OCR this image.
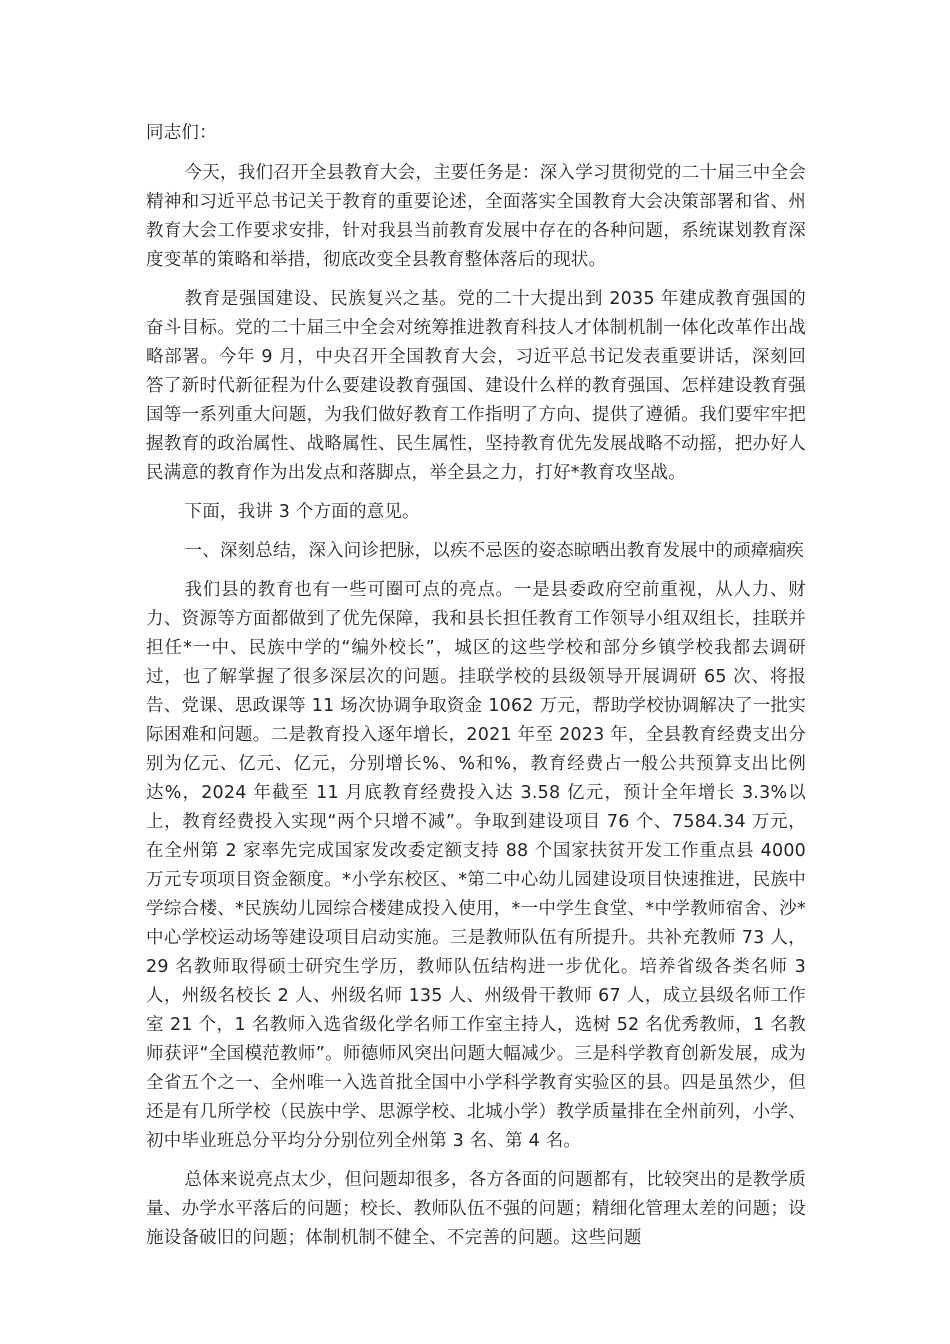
同志们：

今天，我们召开全县教育大会，主要任务是：深入学习贯彻党的二十届三中全会精神和习近平总书记关于教育的重要论述，全面落实全国教育大会决策部署和省、州教育大会工作要求安排，针对我县当前教育发展中存在的各种问题，系统谋划教育深度变革的策略和举措，彻底改变全县教育整体落后的现状。

教育是强国建设、民族复兴之基。党的二十大提出到 2035 年建成教育强国的奋斗目标。党的二十届三中全会对统筹推进教育科技人才体制机制一体化改革作出战略部署。今年 9 月，中央召开全国教育大会，习近平总书记发表重要讲话，深刻回答了新时代新征程为什么要建设教育强国、建设什么样的教育强国、怎样建设教育强国等一系列重大问题，为我们做好教育工作指明了方向、提供了遵循。我们要牢牢把握教育的政治属性、战略属性、民生属性，坚持教育优先发展战略不动摇，把办好人民满意的教育作为出发点和落脚点，举全县之力，打好*教育攻坚战。

下面，我讲 3 个方面的意见。

一、深刻总结，深入问诊把脉，以疾不忌医的姿态晾晒出教育发展中的顽瘴痼疾

我们县的教育也有一些可圈可点的亮点。一是县委政府空前重视，从人力、财力、资源等方面都做到了优先保障，我和县长担任教育工作领导小组双组长，挂联并担任*一中、民族中学的“编外校长”，城区的这些学校和部分乡镇学校我都去调研过，也了解掌握了很多深层次的问题。挂联学校的县级领导开展调研 65 次、将报告、党课、思政课等 11 场次协调争取资金 1062 万元，帮助学校协调解决了一批实际困难和问题。二是教育投入逐年增长，2021 年至 2023 年，全县教育经费支出分别为亿元、亿元、亿元，分别增长%、%和%，教育经费占一般公共预算支出比例达%，2024 年截至 11 月底教育经费投入达 3.58 亿元，预计全年增长 3.3%以上，教育经费投入实现“两个只增不减”。争取到建设项目 76 个、7584.34 万元，在全州第 2 家率先完成国家发改委定额支持 88 个国家扶贫开发工作重点县 4000 万元专项项目资金额度。*小学东校区、*第二中心幼儿园建设项目快速推进，民族中学综合楼、*民族幼儿园综合楼建成投入使用，*一中学生食堂、*中学教师宿舍、沙*中心学校运动场等建设项目启动实施。三是教师队伍有所提升。共补充教师 73 人，29 名教师取得硕士研究生学历，教师队伍结构进一步优化。培养省级各类名师 3 人，州级名校长 2 人、州级名师 135 人、州级骨干教师 67 人，成立县级名师工作室 21 个，1 名教师入选省级化学名师工作室主持人，选树 52 名优秀教师，1 名教师获评“全国模范教师”。师德师风突出问题大幅减少。三是科学教育创新发展，成为全省五个之一、全州唯一入选首批全国中小学科学教育实验区的县。四是虽然少，但还是有几所学校（民族中学、思源学校、北城小学）教学质量排在全州前列，小学、初中毕业班总分平均分分别位列全州第 3 名、第 4 名。

总体来说亮点太少，但问题却很多，各方各面的问题都有，比较突出的是教学质量、办学水平落后的问题；校长、教师队伍不强的问题；精细化管理太差的问题；设施设备破旧的问题；体制机制不健全、不完善的问题。这些问题
